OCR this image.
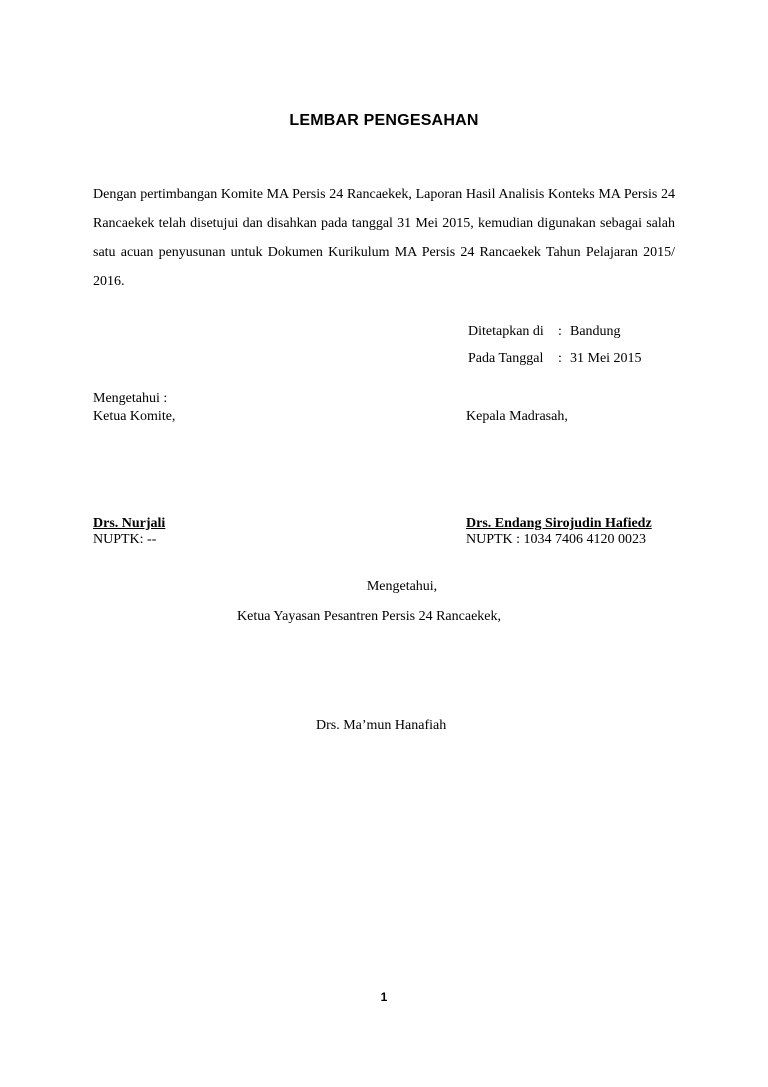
LEMBAR PENGESAHAN
Dengan pertimbangan Komite MA Persis 24 Rancaekek, Laporan Hasil Analisis Konteks MA Persis 24 Rancaekek telah disetujui dan disahkan pada tanggal 31 Mei 2015, kemudian digunakan sebagai salah satu acuan penyusunan untuk Dokumen Kurikulum MA Persis 24 Rancaekek Tahun Pelajaran 2015/ 2016.
Ditetapkan di	: Bandung
Pada Tanggal	: 31 Mei 2015
Mengetahui :
Ketua Komite,
Drs. Nurjali
NUPTK: --
Kepala Madrasah,
Drs. Endang Sirojudin Hafiedz
NUPTK : 1034 7406 4120 0023
Mengetahui,
Ketua Yayasan Pesantren Persis 24 Rancaekek,
Drs. Ma’mun Hanafiah
1
